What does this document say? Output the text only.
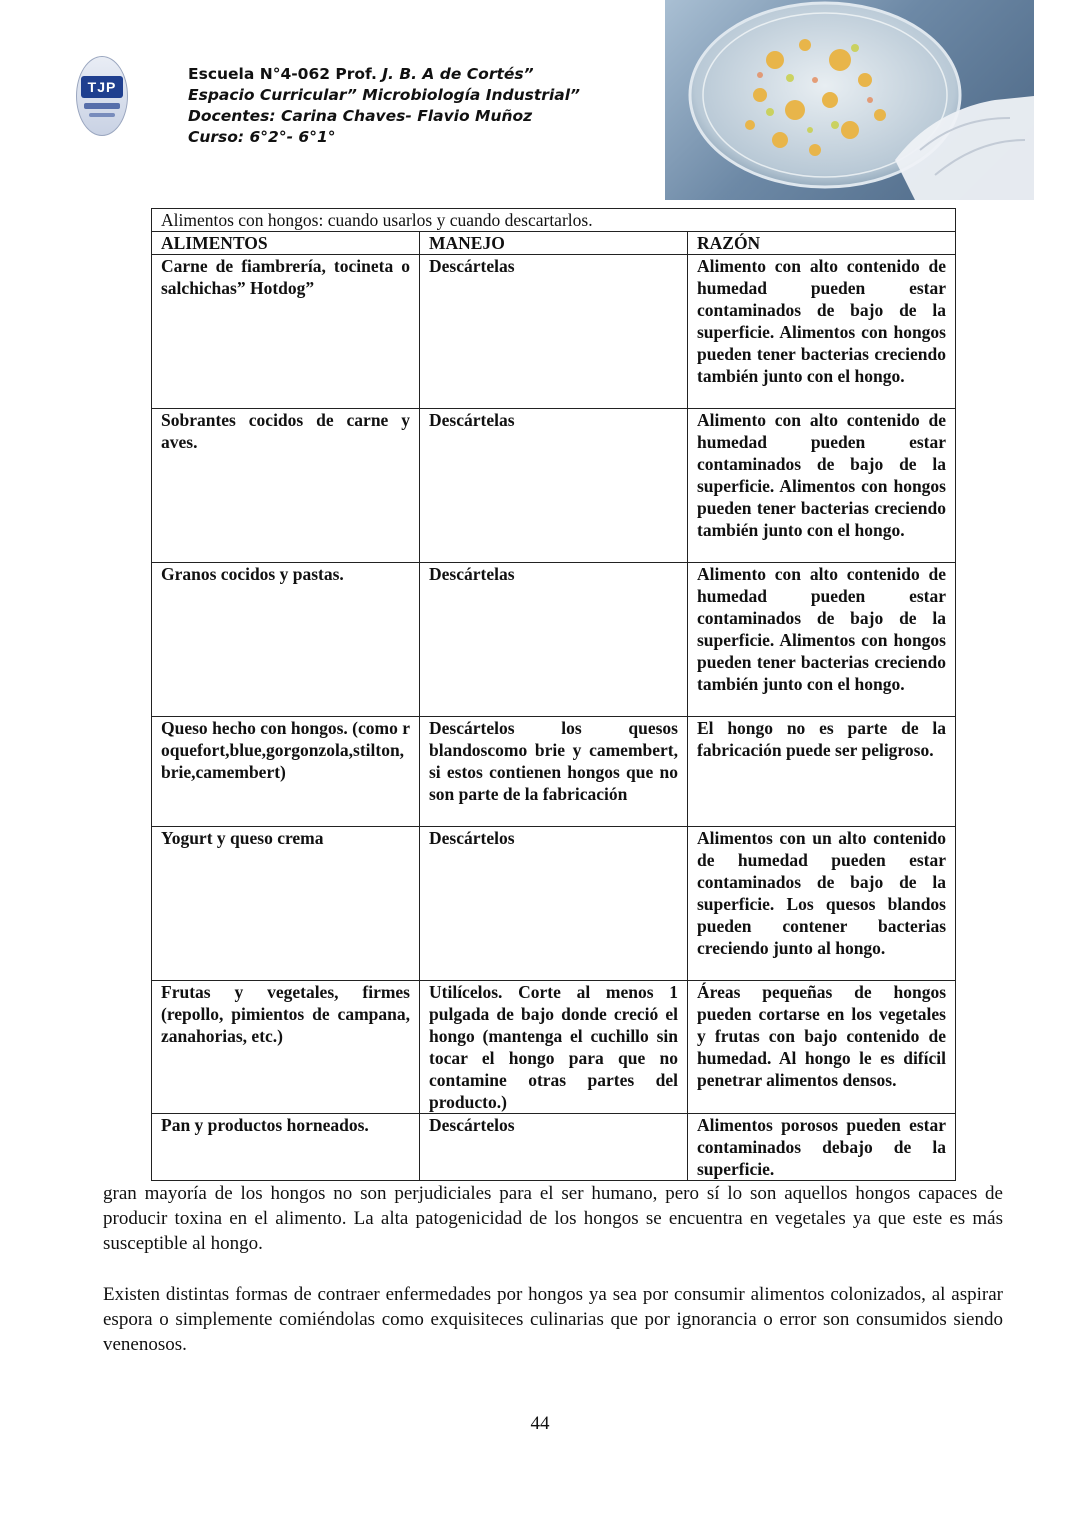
TJP
Escuela N°4-062 Prof. J. B. A de Cortés”
Espacio Curricular” Microbiología Industrial”
Docentes: Carina Chaves- Flavio Muñoz
Curso: 6°2°- 6°1°
Alimentos con hongos: cuando usarlos y cuando descartarlos.		
ALIMENTOS	MANEJO	RAZÓN
Carne de fiambrería, tocineta o salchichas” Hotdog”	Descártelas	Alimento con alto contenido de humedad pueden estar contaminados de bajo de la superficie. Alimentos con hongos pueden tener bacterias creciendo también junto con el hongo.
Sobrantes cocidos de carne y aves.	Descártelas	Alimento con alto contenido de humedad pueden estar contaminados de bajo de la superficie. Alimentos con hongos pueden tener bacterias creciendo también junto con el hongo.
Granos cocidos y pastas.	Descártelas	Alimento con alto contenido de humedad pueden estar contaminados de bajo de la superficie. Alimentos con hongos pueden tener bacterias creciendo también junto con el hongo.
Queso hecho con hongos. (como roquefort,blue,gorgonzola,stilton,brie,camembert)	Descártelos los quesos blandoscomo brie y camembert, si estos contienen hongos que no son parte de la fabricación	El hongo no es parte de la fabricación puede ser peligroso.
Yogurt y queso crema	Descártelos	Alimentos con un alto contenido de humedad pueden estar contaminados de bajo de la superficie. Los quesos blandos pueden contener bacterias creciendo junto al hongo.
Frutas y vegetales, firmes (repollo, pimientos de campana, zanahorias, etc.)	Utilícelos. Corte al menos 1 pulgada de bajo donde creció el hongo (mantenga el cuchillo sin tocar el hongo para que no contamine otras partes del producto.)	Áreas pequeñas de hongos pueden cortarse en los vegetales y frutas con bajo contenido de humedad. Al hongo le es difícil penetrar alimentos densos.
Pan y productos horneados.	Descártelos	Alimentos porosos pueden estar contaminados debajo de la superficie.

gran mayoría de los hongos no son perjudiciales para el ser humano, pero sí lo son aquellos hongos capaces de producir toxina en el alimento. La alta patogenicidad de los hongos se encuentra en vegetales ya que este es más susceptible al hongo.

Existen distintas formas de contraer enfermedades por hongos ya sea por consumir alimentos colonizados, al aspirar espora o simplemente comiéndolas como exquisiteces culinarias que por ignorancia o error son consumidos siendo venenosos.

44
